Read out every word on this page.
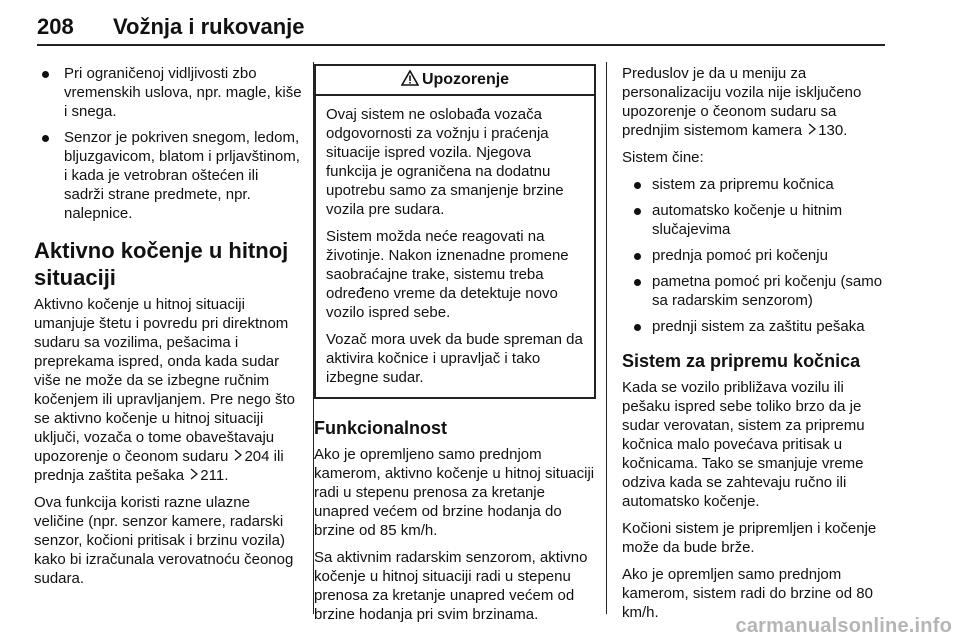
208 Vožnja i rukovanje
Pri ograničenoj vidljivosti zbo vremenskih uslova, npr. magle, kiše i snega.
Senzor je pokriven snegom, ledom, bljuzgavicom, blatom i prljavštinom, i kada je vetrobran oštećen ili sadrži strane predmete, npr. nalepnice.
Aktivno kočenje u hitnoj situaciji

Aktivno kočenje u hitnoj situaciji umanjuje štetu i povredu pri direktnom sudaru sa vozilima, pešacima i preprekama ispred, onda kada sudar više ne može da se izbegne ručnim kočenjem ili upravljanjem. Pre nego što se aktivno kočenje u hitnoj situaciji uključi, vozača o tome obaveštavaju upozorenje o čeonom sudaru 204 ili prednja zaštita pešaka 211.

Ova funkcija koristi razne ulazne veličine (npr. senzor kamere, radarski senzor, kočioni pritisak i brzinu vozila) kako bi izračunala verovatnoću čeonog sudara.

Upozorenje

Ovaj sistem ne oslobađa vozača odgovornosti za vožnju i praćenja situacije ispred vozila. Njegova funkcija je ograničena na dodatnu upotrebu samo za smanjenje brzine vozila pre sudara.

Sistem možda neće reagovati na životinje. Nakon iznenadne promene saobraćajne trake, sistemu treba određeno vreme da detektuje novo vozilo ispred sebe.

Vozač mora uvek da bude spreman da aktivira kočnice i upravljač i tako izbegne sudar.

Funkcionalnost

Ako je opremljeno samo prednjom kamerom, aktivno kočenje u hitnoj situaciji radi u stepenu prenosa za kretanje unapred većem od brzine hodanja do brzine od 85 km/h.

Sa aktivnim radarskim senzorom, aktivno kočenje u hitnoj situaciji radi u stepenu prenosa za kretanje unapred većem od brzine hodanja pri svim brzinama.

Preduslov je da u meniju za personalizaciju vozila nije isključeno upozorenje o čeonom sudaru sa prednjim sistemom kamera 130.

Sistem čine:

sistem za pripremu kočnica
automatsko kočenje u hitnim slučajevima
prednja pomoć pri kočenju
pametna pomoć pri kočenju (samo sa radarskim senzorom)
prednji sistem za zaštitu pešaka
Sistem za pripremu kočnica

Kada se vozilo približava vozilu ili pešaku ispred sebe toliko brzo da je sudar verovatan, sistem za pripremu kočnica malo povećava pritisak u kočnicama. Tako se smanjuje vreme odziva kada se zahtevaju ručno ili automatsko kočenje.

Kočioni sistem je pripremljen i kočenje može da bude brže.

Ako je opremljen samo prednjom kamerom, sistem radi do brzine od 80 km/h.

carmanualsonline.info
